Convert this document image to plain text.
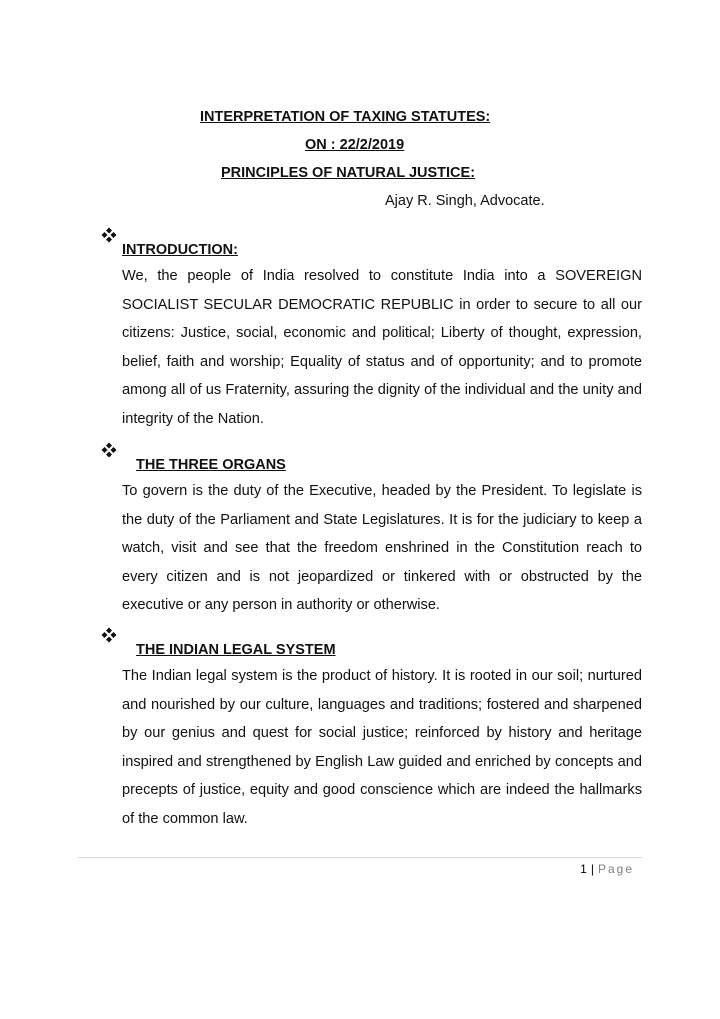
INTERPRETATION OF TAXING STATUTES:
ON : 22/2/2019
PRINCIPLES OF NATURAL JUSTICE:
Ajay R. Singh, Advocate.
INTRODUCTION:

We, the people of India resolved to constitute India into a SOVEREIGN SOCIALIST SECULAR DEMOCRATIC REPUBLIC in order to secure to all our citizens: Justice, social, economic and political; Liberty of thought, expression, belief, faith and worship; Equality of status and of opportunity; and to promote among all of us Fraternity, assuring the dignity of the individual and the unity and integrity of the Nation.

THE THREE ORGANS

To govern is the duty of the Executive, headed by the President. To legislate is the duty of the Parliament and State Legislatures. It is for the judiciary to keep a watch, visit and see that the freedom enshrined in the Constitution reach to every citizen and is not jeopardized or tinkered with or obstructed by the executive or any person in authority or otherwise.

THE INDIAN LEGAL SYSTEM

The Indian legal system is the product of history. It is rooted in our soil; nurtured and nourished by our culture, languages and traditions; fostered and sharpened by our genius and quest for social justice; reinforced by history and heritage inspired and strengthened by English Law guided and enriched by concepts and precepts of justice, equity and good conscience which are indeed the hallmarks of the common law.

1 | Page
